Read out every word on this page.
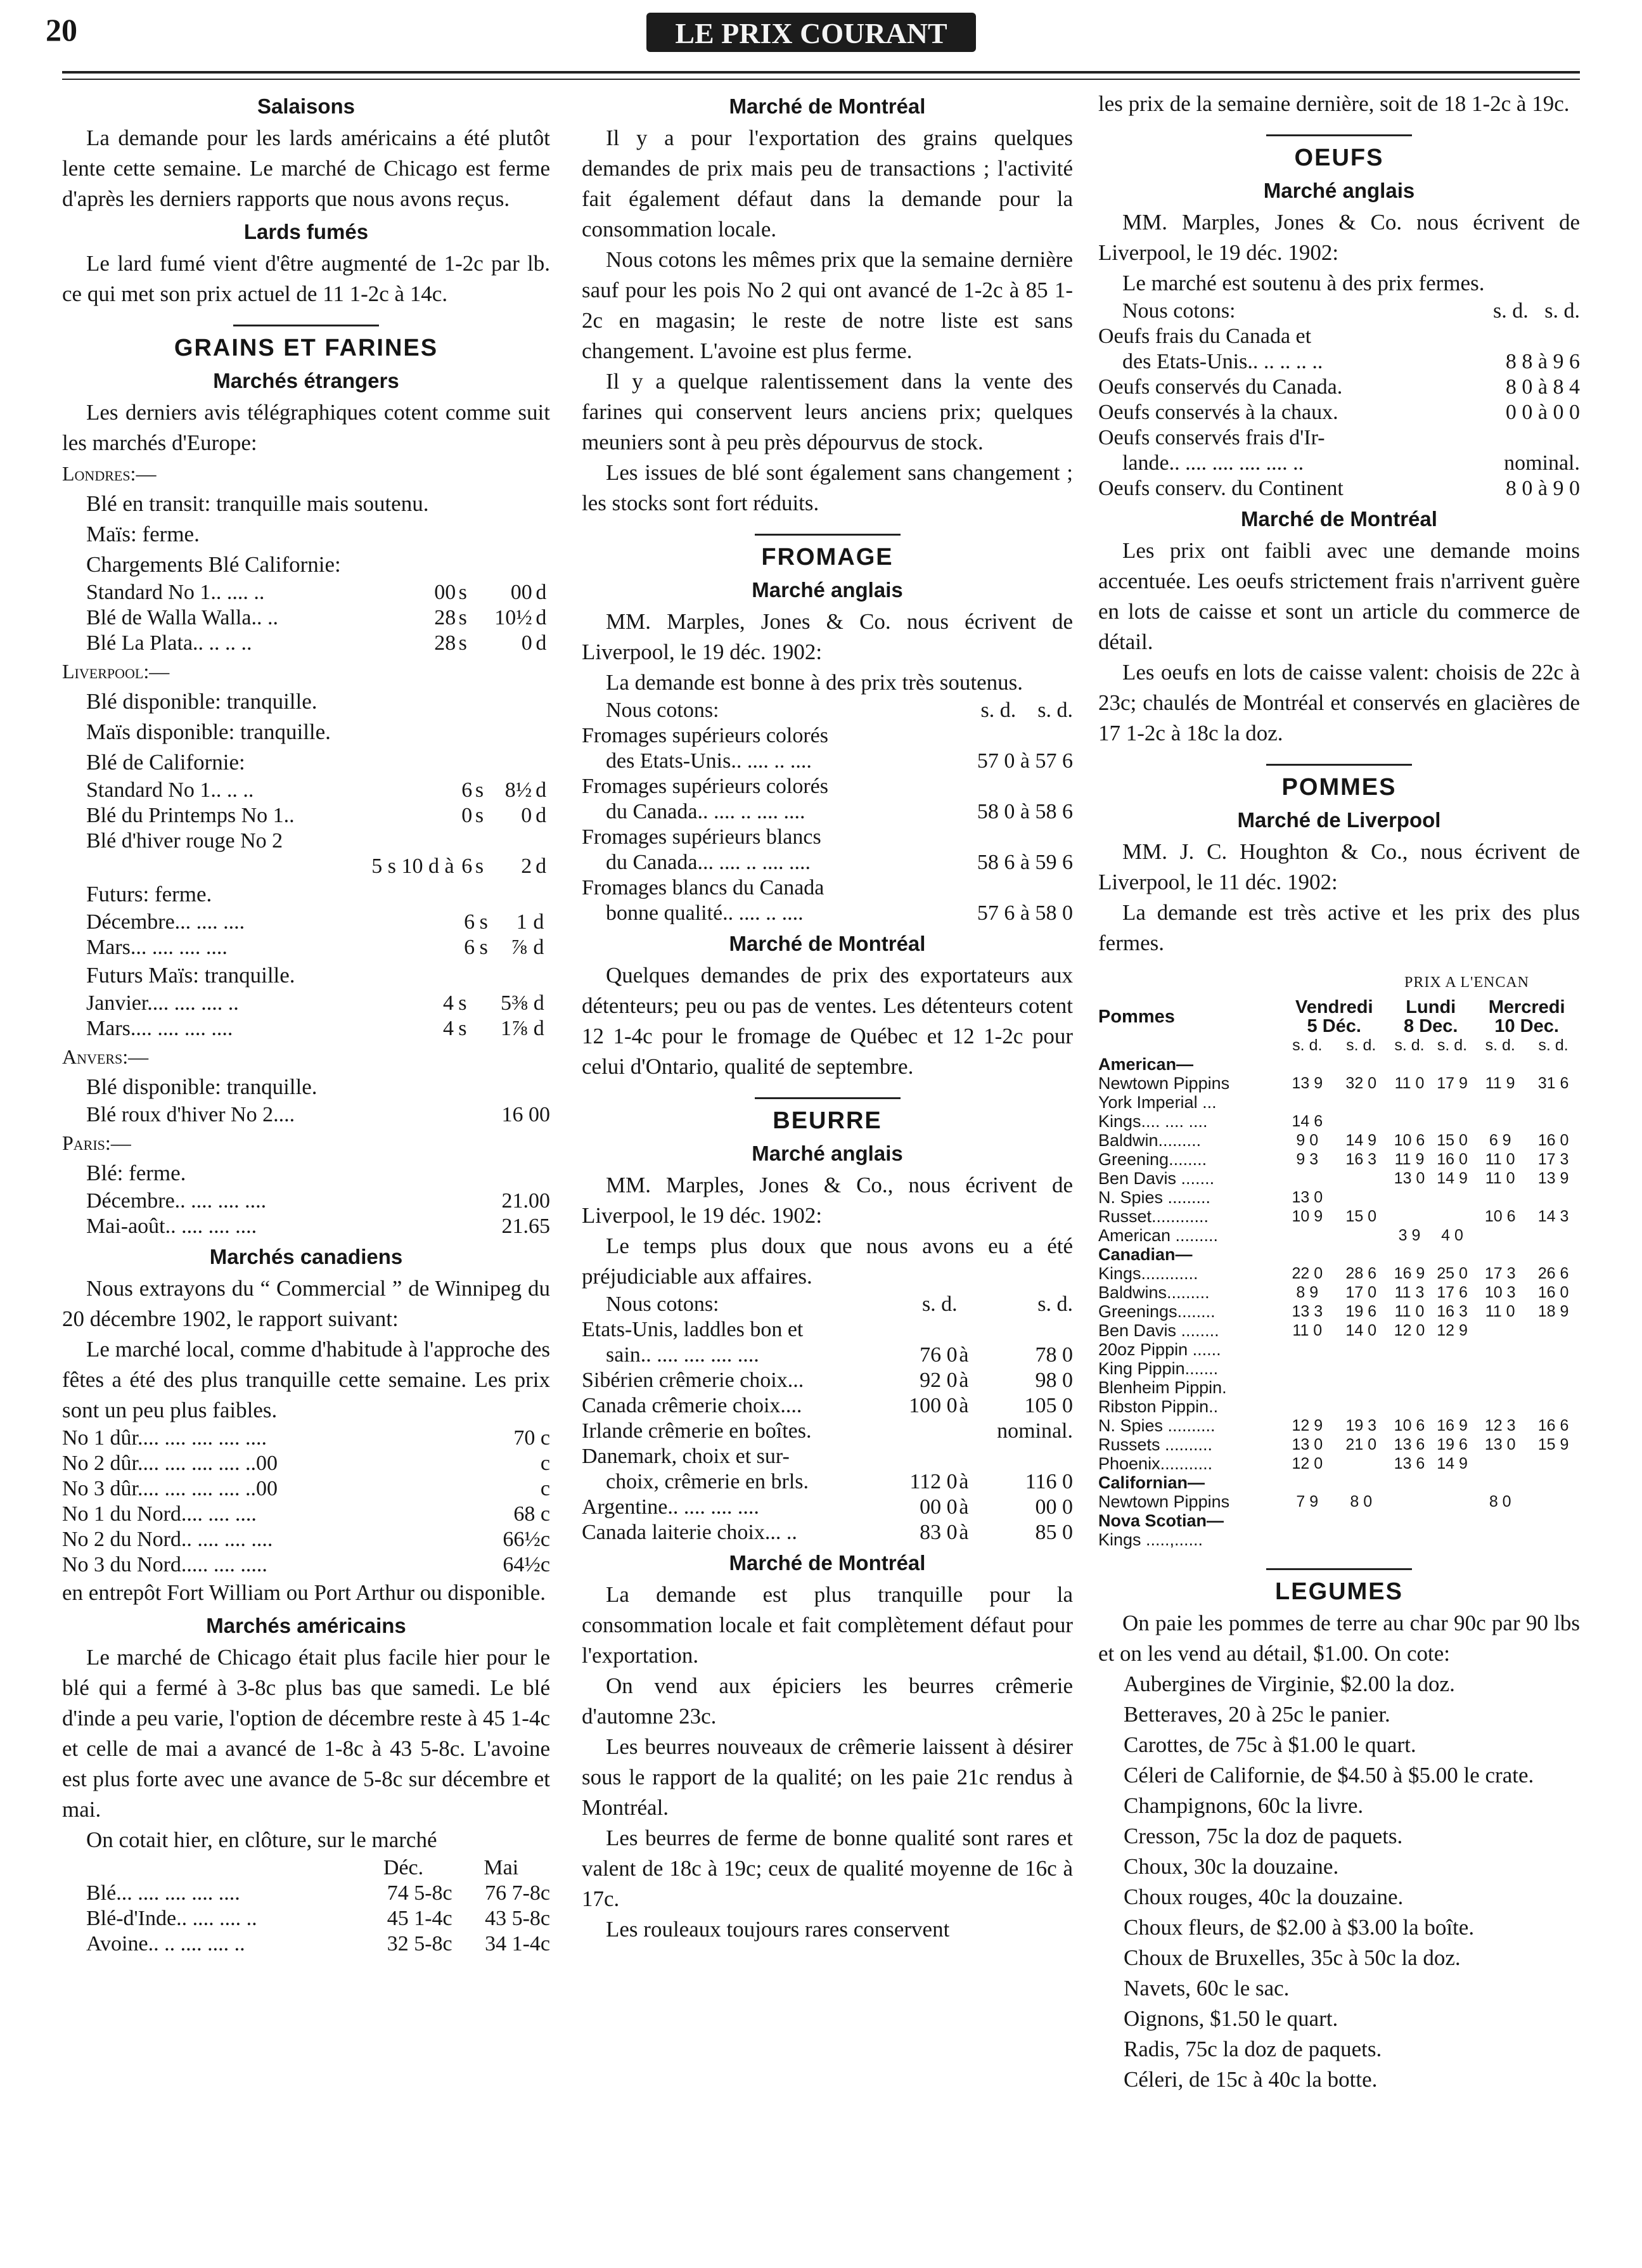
20	LE PRIX COURANT
Salaisons

La demande pour les lards américains a été plutôt lente cette semaine. Le marché de Chicago est ferme d'après les derniers rapports que nous avons reçus.

Lards fumés

Le lard fumé vient d'être augmenté de 1-2c par lb. ce qui met son prix actuel de 11 1-2c à 14c.

GRAINS ET FARINES
Marchés étrangers

Les derniers avis télégraphiques cotent comme suit les marchés d'Europe:

Londres:—
Blé en transit: tranquille mais soutenu.
Maïs: ferme.
Chargements Blé Californie:
Standard No 1.. .... ..	00	s	00	d
Blé de Walla Walla.. ..	28	s	10½	d
Blé La Plata.. .. .. ..	28	s	0	d
Liverpool:—
Blé disponible: tranquille.
Maïs disponible: tranquille.
Blé de Californie:
Standard No 1.. .. ..	6	s	8½	d
Blé du Printemps No 1..	0	s	0	d
Blé d'hiver rouge No 2				
5 s 10 d à	6	s	2	d
Futurs: ferme.
Décembre... .... ....	6	s	1	d
Mars... .... .... ....	6	s	⅞	d
Futurs Maïs: tranquille.
Janvier.... .... .... ..	4	s	5⅜	d
Mars.... .... .... ....	4	s	1⅞	d
Anvers:—
Blé disponible: tranquille.
Blé roux d'hiver No 2....	16 00
Paris:—
Blé: ferme.
Décembre.. .... .... ....	21.00
Mai-août.. .... .... ....	21.65
Marchés canadiens

Nous extrayons du “ Commercial ” de Winnipeg du 20 décembre 1902, le rapport suivant:

Le marché local, comme d'habitude à l'approche des fêtes a été des plus tranquille cette semaine. Les prix sont un peu plus faibles.

No 1 dûr.... .... .... .... ....	70 c
No 2 dûr.... .... .... .... ..00	c
No 3 dûr.... .... .... .... ..00	c
No 1 du Nord.... .... ....	68 c
No 2 du Nord.. .... .... ....	66½c
No 3 du Nord..... .... .....	64½c

en entrepôt Fort William ou Port Arthur ou disponible.

Marchés américains

Le marché de Chicago était plus facile hier pour le blé qui a fermé à 3-8c plus bas que samedi. Le blé d'inde a peu varie, l'option de décembre reste à 45 1-4c et celle de mai a avancé de 1-8c à 43 5-8c. L'avoine est plus forte avec une avance de 5-8c sur décembre et mai.

On cotait hier, en clôture, sur le marché

	Déc.	Mai
Blé... .... .... .... ....	74 5-8c	76 7-8c
Blé-d'Inde.. .... .... ..	45 1-4c	43 5-8c
Avoine.. .. .... .... ..	32 5-8c	34 1-4c
Marché de Montréal

Il y a pour l'exportation des grains quelques demandes de prix mais peu de transactions ; l'activité fait également défaut dans la demande pour la consommation locale.

Nous cotons les mêmes prix que la semaine dernière sauf pour les pois No 2 qui ont avancé de 1-2c à 85 1-2c en magasin; le reste de notre liste est sans changement. L'avoine est plus ferme.

Il y a quelque ralentissement dans la vente des farines qui conservent leurs anciens prix; quelques meuniers sont à peu près dépourvus de stock.

Les issues de blé sont également sans changement ; les stocks sont fort réduits.

FROMAGE
Marché anglais

MM. Marples, Jones & Co. nous écrivent de Liverpool, le 19 déc. 1902:

La demande est bonne à des prix très soutenus.

Nous cotons:	s. d. s. d.
Fromages supérieurs colorés	
des Etats-Unis.. .... .. ....	57 0 à 57 6
Fromages supérieurs colorés	
du Canada.. .... .. .... ....	58 0 à 58 6
Fromages supérieurs blancs	
du Canada... .... .. .... ....	58 6 à 59 6
Fromages blancs du Canada	
bonne qualité.. .... .. ....	57 6 à 58 0
Marché de Montréal

Quelques demandes de prix des exportateurs aux détenteurs; peu ou pas de ventes. Les détenteurs cotent 12 1-4c pour le fromage de Québec et 12 1-2c pour celui d'Ontario, qualité de septembre.

BEURRE
Marché anglais

MM. Marples, Jones & Co., nous écrivent de Liverpool, le 19 déc. 1902:

Le temps plus doux que nous avons eu a été préjudiciable aux affaires.

Nous cotons:	s. d.		s. d.
Etats-Unis, laddles bon et			
sain.. .... .... .... ....	76 0	à	78 0
Sibérien crêmerie choix...	92 0	à	98 0
Canada crêmerie choix....	100 0	à	105 0
Irlande crêmerie en boîtes.			nominal.
Danemark, choix et sur-			
choix, crêmerie en brls.	112 0	à	116 0
Argentine.. .... .... ....	00 0	à	00 0
Canada laiterie choix... ..	83 0	à	85 0
Marché de Montréal

La demande est plus tranquille pour la consommation locale et fait complètement défaut pour l'exportation.

On vend aux épiciers les beurres crêmerie d'automne 23c.

Les beurres nouveaux de crêmerie laissent à désirer sous le rapport de la qualité; on les paie 21c rendus à Montréal.

Les beurres de ferme de bonne qualité sont rares et valent de 18c à 19c; ceux de qualité moyenne de 16c à 17c.

Les rouleaux toujours rares conservent

les prix de la semaine dernière, soit de 18 1-2c à 19c.

OEUFS
Marché anglais

MM. Marples, Jones & Co. nous écrivent de Liverpool, le 19 déc. 1902:

Le marché est soutenu à des prix fermes.

Nous cotons:	s. d. s. d.
Oeufs frais du Canada et	
des Etats-Unis.. .. .. .. ..	8 8 à 9 6
Oeufs conservés du Canada.	8 0 à 8 4
Oeufs conservés à la chaux.	0 0 à 0 0
Oeufs conservés frais d'Ir-	
lande.. .... .... .... .... ..	nominal.
Oeufs conserv. du Continent	8 0 à 9 0
Marché de Montréal

Les prix ont faibli avec une demande moins accentuée. Les oeufs strictement frais n'arrivent guère en lots de caisse et sont un article du commerce de détail.

Les oeufs en lots de caisse valent: choisis de 22c à 23c; chaulés de Montréal et conservés en glacières de 17 1-2c à 18c la doz.

POMMES
Marché de Liverpool

MM. J. C. Houghton & Co., nous écrivent de Liverpool, le 11 déc. 1902:

La demande est très active et les prix des plus fermes.

PRIX A L'ENCAN
Pommes	Vendredi
5 Déc.		Lundi
8 Dec.		Mercredi
10 Dec.	
	s. d.	s. d.	s. d.	s. d.	s. d.	s. d.
American—						
Newtown Pippins	13 9	32 0	11 0	17 9	11 9	31 6
York Imperial ...						
Kings.... .... ....	14 6					
Baldwin.........	9 0	14 9	10 6	15 0	6 9	16 0
Greening........	9 3	16 3	11 9	16 0	11 0	17 3
Ben Davis .......			13 0	14 9	11 0	13 9
N. Spies .........	13 0					
Russet............	10 9	15 0			10 6	14 3
American .........			3 9	4 0		
Canadian—						
Kings............	22 0	28 6	16 9	25 0	17 3	26 6
Baldwins.........	8 9	17 0	11 3	17 6	10 3	16 0
Greenings........	13 3	19 6	11 0	16 3	11 0	18 9
Ben Davis ........	11 0	14 0	12 0	12 9		
20oz Pippin ......						
King Pippin.......						
Blenheim Pippin.						
Ribston Pippin..						
N. Spies ..........	12 9	19 3	10 6	16 9	12 3	16 6
Russets ..........	13 0	21 0	13 6	19 6	13 0	15 9
Phoenix...........	12 0		13 6	14 9		
Californian—						
Newtown Pippins	7 9	8 0			8 0	
Nova Scotian—						
Kings .....,......						
LEGUMES

On paie les pommes de terre au char 90c par 90 lbs et on les vend au détail, $1.00. On cote:

Aubergines de Virginie, $2.00 la doz.
Betteraves, 20 à 25c le panier.
Carottes, de 75c à $1.00 le quart.
Céleri de Californie, de $4.50 à $5.00 le crate.
Champignons, 60c la livre.
Cresson, 75c la doz de paquets.
Choux, 30c la douzaine.
Choux rouges, 40c la douzaine.
Choux fleurs, de $2.00 à $3.00 la boîte.
Choux de Bruxelles, 35c à 50c la doz.
Navets, 60c le sac.
Oignons, $1.50 le quart.
Radis, 75c la doz de paquets.
Céleri, de 15c à 40c la botte.
